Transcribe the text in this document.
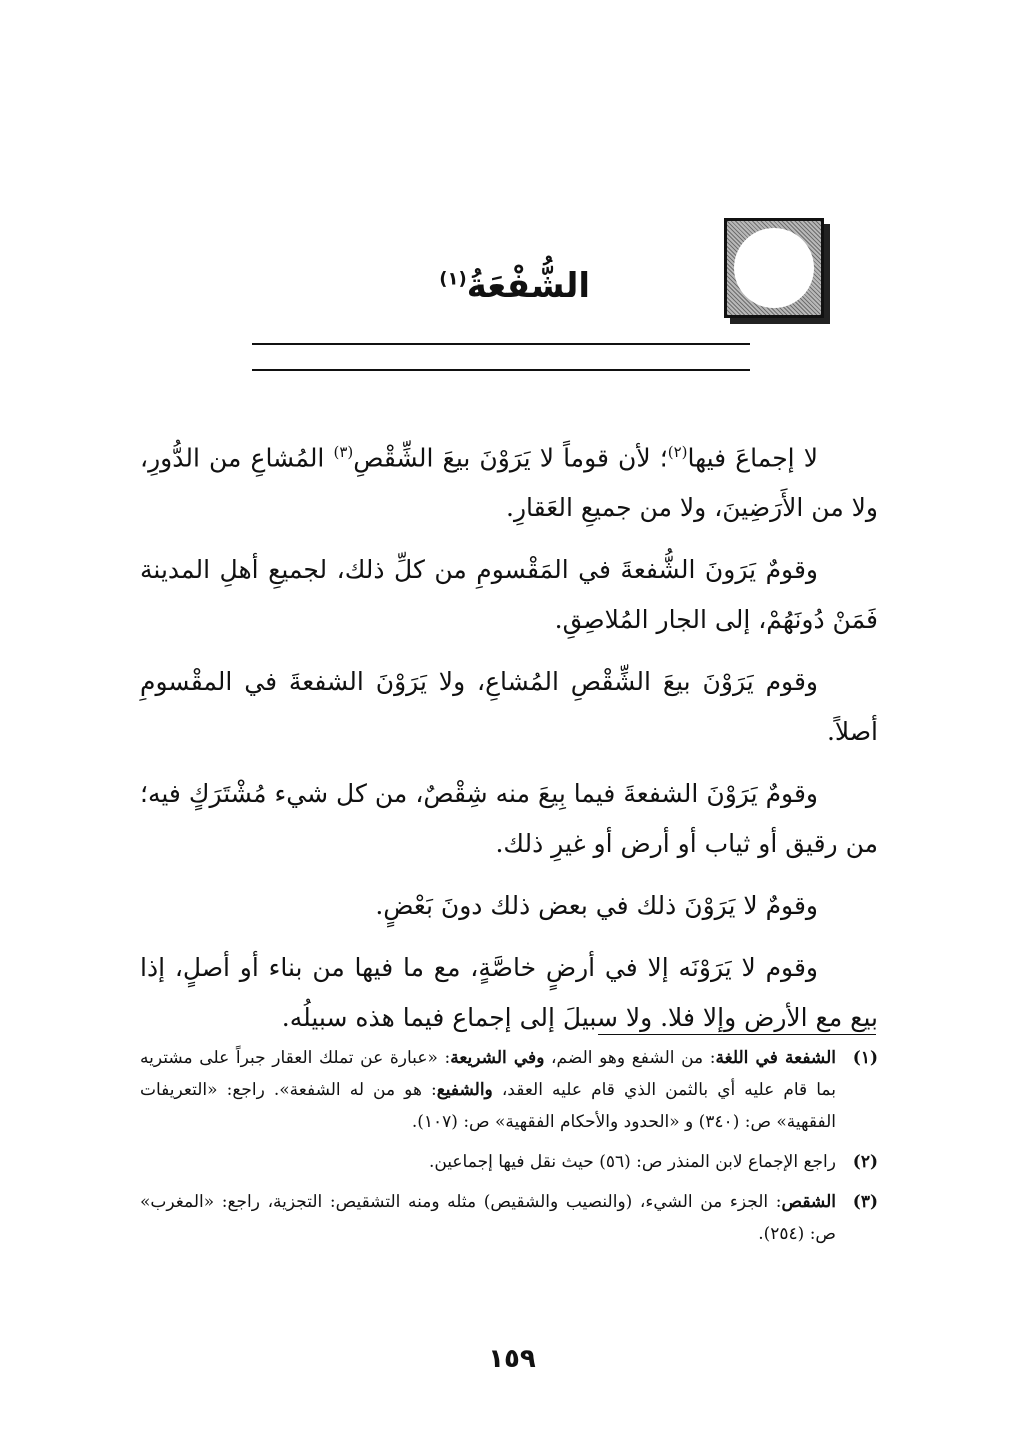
الشُّفْعَةُ$^{(١)}$

لا إجماعَ فيها$^{(٢)}$؛ لأن قوماً لا يَرَوْنَ بيعَ الشِّقْصِ$^{(٣)}$ المُشاعِ من الدُّورِ، ولا من الأَرَضِينَ، ولا من جميعِ العَقارِ.

وقومٌ يَرَونَ الشُّفعةَ في المَقْسومِ من كلِّ ذلك، لجميعِ أهلِ المدينة فَمَنْ دُونَهُمْ، إلى الجار المُلاصِقِ.

وقوم يَرَوْنَ بيعَ الشِّقْصِ المُشاعِ، ولا يَرَوْنَ الشفعةَ في المقْسومِ أصلاً.

وقومٌ يَرَوْنَ الشفعةَ فيما بِيعَ منه شِقْصٌ، من كل شيء مُشْتَرَكٍ فيه؛ من رقيق أو ثياب أو أرض أو غيرِ ذلك.

وقومٌ لا يَرَوْنَ ذلك في بعض ذلك دونَ بَعْضٍ.

وقوم لا يَرَوْنَه إلا في أرضٍ خاصَّةٍ، مع ما فيها من بناء أو أصلٍ، إذا بيع مع الأرض وإلا فلا. ولا سبيلَ إلى إجماع فيما هذه سبيلُه.

(١)
الشفعة في اللغة: من الشفع وهو الضم، وفي الشريعة: «عبارة عن تملك العقار جبراً على مشتريه بما قام عليه أي بالثمن الذي قام عليه العقد، والشفيع: هو من له الشفعة». راجع: «التعريفات الفقهية» ص: (٣٤٠) و «الحدود والأحكام الفقهية» ص: (١٠٧).
(٢)
راجع الإجماع لابن المنذر ص: (٥٦) حيث نقل فيها إجماعين.
(٣)
الشقص: الجزء من الشيء، (والنصيب والشقيص) مثله ومنه التشقيص: التجزية، راجع: «المغرب» ص: (٢٥٤).
١٥٩
